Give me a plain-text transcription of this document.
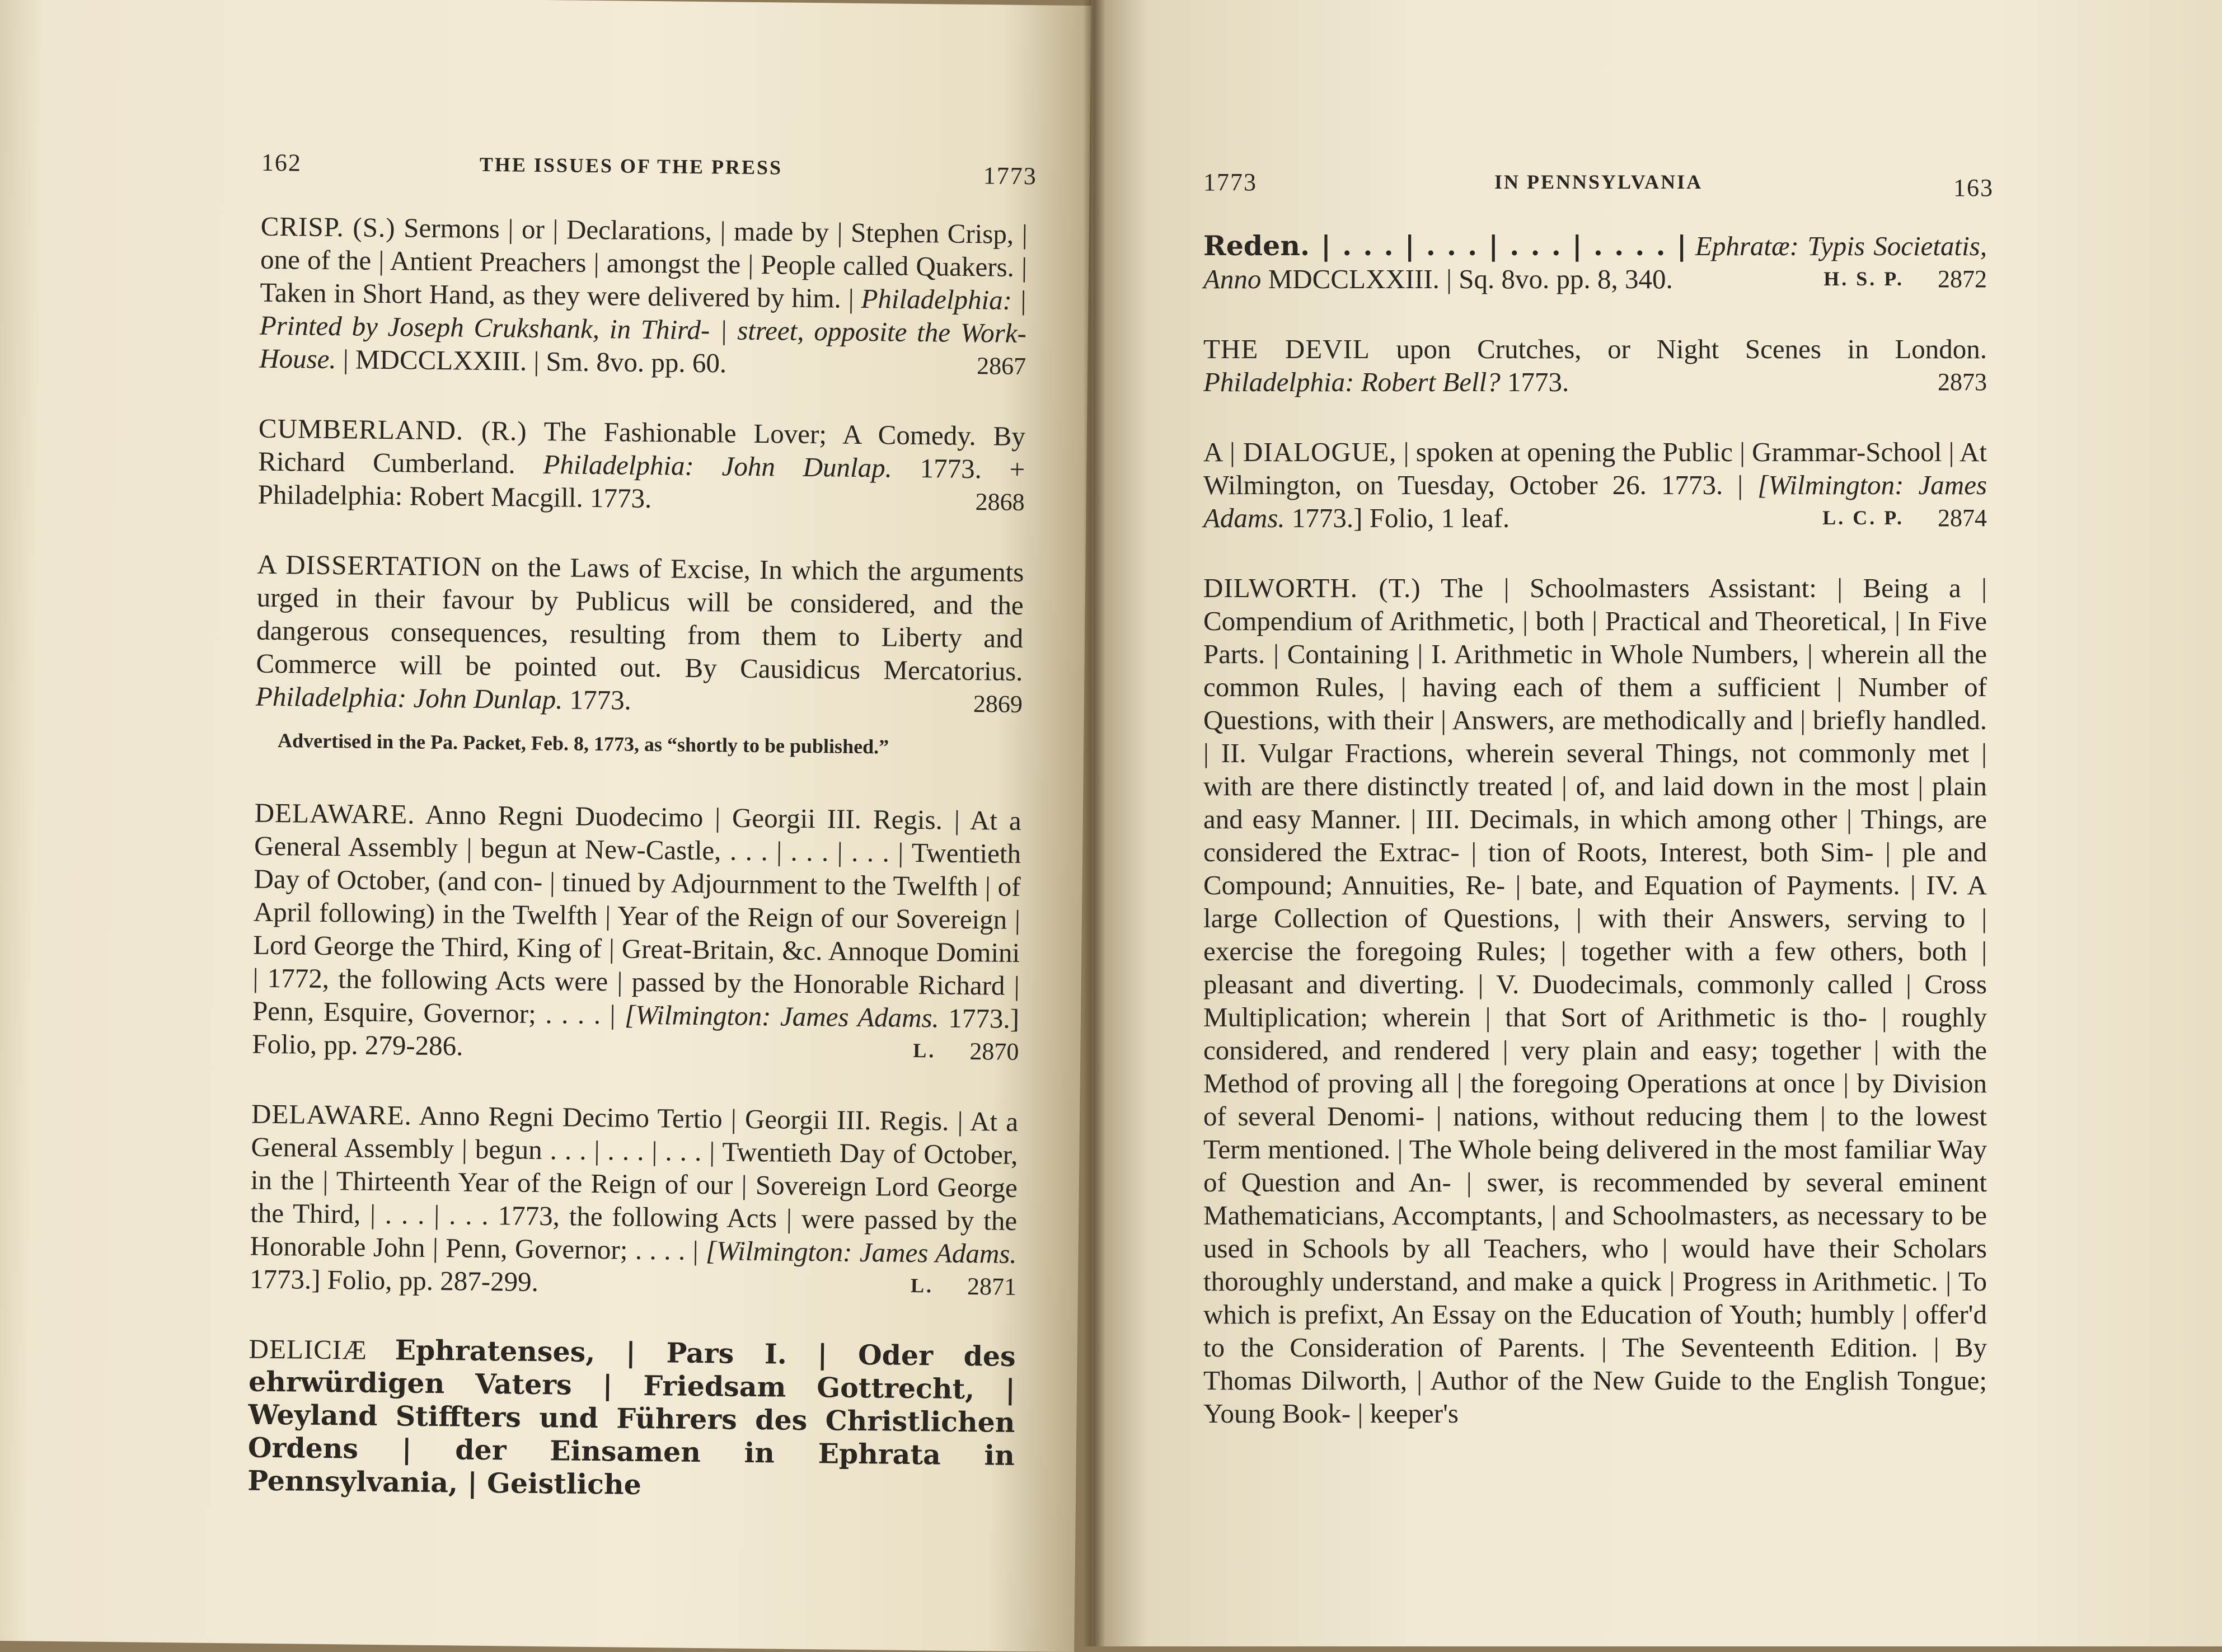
162	THE ISSUES OF THE PRESS	1773

CRISP. (S.) Sermons | or | Declarations, | made by | Stephen Crisp, | one of the | Antient Preachers | amongst the | People called Quakers. | Taken in Short Hand, as they were delivered by him. | Philadelphia: | Printed by Joseph Crukshank, in Third- | street, opposite the Work-House. | MDCCLXXIII. | Sm. 8vo. pp. 60.	2867

CUMBERLAND. (R.) The Fashionable Lover; A Comedy. By Richard Cumberland. Philadelphia: John Dunlap. 1773. + Philadelphia: Robert Macgill. 1773.	2868

A DISSERTATION on the Laws of Excise, In which the arguments urged in their favour by Publicus will be considered, and the dangerous consequences, resulting from them to Liberty and Commerce will be pointed out. By Causidicus Mercatorius. Philadelphia: John Dunlap. 1773.	2869

Advertised in the Pa. Packet, Feb. 8, 1773, as “shortly to be published.”

DELAWARE. Anno Regni Duodecimo | Georgii III. Regis. | At a General Assembly | begun at New-Castle, . . . | . . . | . . . | Twentieth Day of October, (and con- | tinued by Adjournment to the Twelfth | of April following) in the Twelfth | Year of the Reign of our Sovereign | Lord George the Third, King of | Great-Britain, &c. Annoque Domini | 1772, the following Acts were | passed by the Honorable Richard | Penn, Esquire, Governor; . . . . | [Wilmington: James Adams. 1773.] Folio, pp. 279-286.	2870
L.

DELAWARE. Anno Regni Decimo Tertio | Georgii III. Regis. | At a General Assembly | begun . . . | . . . | . . . | Twentieth Day of October, in the | Thirteenth Year of the Reign of our | Sovereign Lord George the Third, | . . . | . . . 1773, the following Acts | were passed by the Honorable John | Penn, Governor; . . . . | [Wilmington: James Adams. 1773.] Folio, pp. 287-299.	2871
L.

DELICIÆ Ephratenses, | Pars I. | Oder des ehrwürdigen Vaters | Friedsam Gottrecht, | Weyland Stiffters und Führers des Christlichen Ordens | der Einsamen in Ephrata in Pennsylvania, | Geistliche

1773	IN PENNSYLVANIA	163

Reden. | . . . | . . . | . . . | . . . . | Ephratæ: Typis Societatis, Anno MDCCLXXIII. | Sq. 8vo. pp. 8, 340.	2872
H. S. P.

THE DEVIL upon Crutches, or Night Scenes in London. Philadelphia: Robert Bell? 1773.	2873

A | DIALOGUE, | spoken at opening the Public | Grammar-School | At Wilmington, on Tuesday, October 26. 1773. | [Wilmington: James Adams. 1773.] Folio, 1 leaf.	2874
L. C. P.

DILWORTH. (T.) The | Schoolmasters Assistant: | Being a | Compendium of Arithmetic, | both | Practical and Theoretical, | In Five Parts. | Containing | I. Arithmetic in Whole Numbers, | wherein all the common Rules, | having each of them a sufficient | Number of Questions, with their | Answers, are methodically and | briefly handled. | II. Vulgar Fractions, wherein several Things, not commonly met | with are there distinctly treated | of, and laid down in the most | plain and easy Manner. | III. Decimals, in which among other | Things, are considered the Extrac- | tion of Roots, Interest, both Sim- | ple and Compound; Annuities, Re- | bate, and Equation of Payments. | IV. A large Collection of Questions, | with their Answers, serving to | exercise the foregoing Rules; | together with a few others, both | pleasant and diverting. | V. Duodecimals, commonly called | Cross Multiplication; wherein | that Sort of Arithmetic is tho- | roughly considered, and rendered | very plain and easy; together | with the Method of proving all | the foregoing Operations at once | by Division of several Denomi- | nations, without reducing them | to the lowest Term mentioned. | The Whole being delivered in the most familiar Way of Question and An- | swer, is recommended by several eminent Mathematicians, Accomptants, | and Schoolmasters, as necessary to be used in Schools by all Teachers, who | would have their Scholars thoroughly understand, and make a quick | Progress in Arithmetic. | To which is prefixt, An Essay on the Education of Youth; humbly | offer'd to the Consideration of Parents. | The Seventeenth Edition. | By Thomas Dilworth, | Author of the New Guide to the English Tongue; Young Book- | keeper's
